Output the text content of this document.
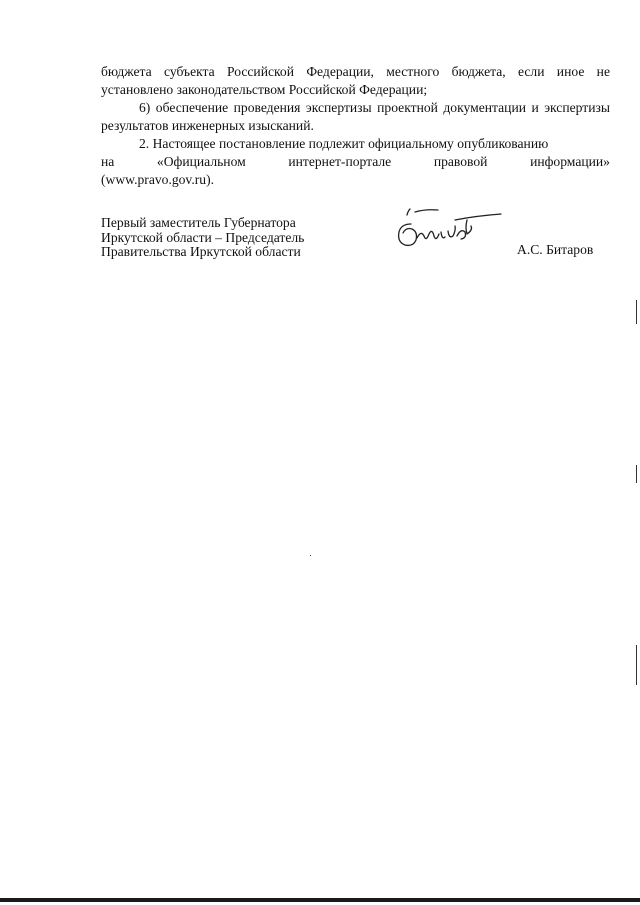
бюджета субъекта Российской Федерации, местного бюджета, если иное не установлено законодательством Российской Федерации;

6) обеспечение проведения экспертизы проектной документации и экспертизы результатов инженерных изысканий.

2. Настоящее постановление подлежит официальному опубликованию

на	«Официальном	интернет-портале	правовой	информации»

(www.pravo.gov.ru).

Первый заместитель Губернатора
Иркутской области – Председатель
Правительства Иркутской области	А.С. Битаров
